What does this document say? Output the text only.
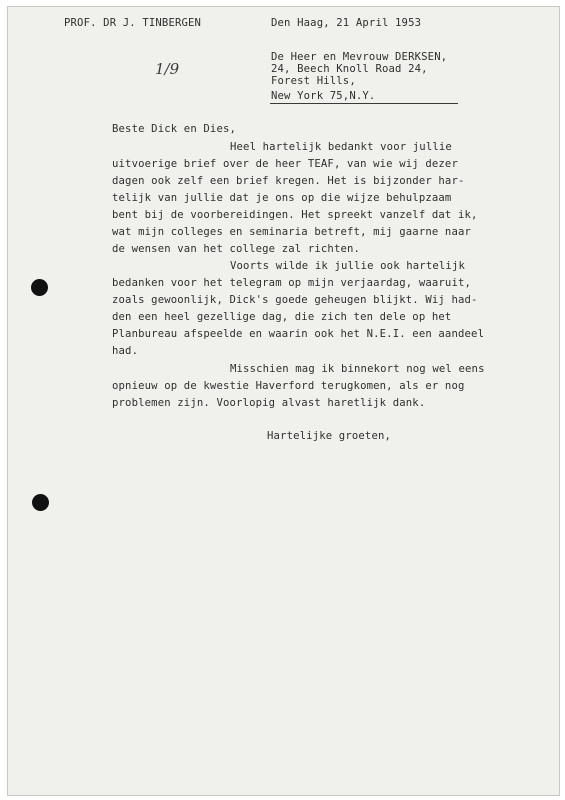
PROF. DR J. TINBERGEN	Den Haag, 21 April 1953
1/9
De Heer en Mevrouw DERKSEN,
24, Beech Knoll Road 24,
Forest Hills,
New York 75,N.Y.
Beste Dick en Dies,
Heel hartelijk bedankt voor jullie
uitvoerige brief over de heer TEAF, van wie wij dezer
dagen ook zelf een brief kregen. Het is bijzonder har-
telijk van jullie dat je ons op die wijze behulpzaam
bent bij de voorbereidingen. Het spreekt vanzelf dat ik,
wat mijn colleges en seminaria betreft, mij gaarne naar
de wensen van het college zal richten.
Voorts wilde ik jullie ook hartelijk
bedanken voor het telegram op mijn verjaardag, waaruit,
zoals gewoonlijk, Dick's goede geheugen blijkt. Wij had-
den een heel gezellige dag, die zich ten dele op het
Planbureau afspeelde en waarin ook het N.E.I. een aandeel
had.
Misschien mag ik binnekort nog wel eens
opnieuw op de kwestie Haverford terugkomen, als er nog
problemen zijn. Voorlopig alvast haretlijk dank.
Hartelijke groeten,
